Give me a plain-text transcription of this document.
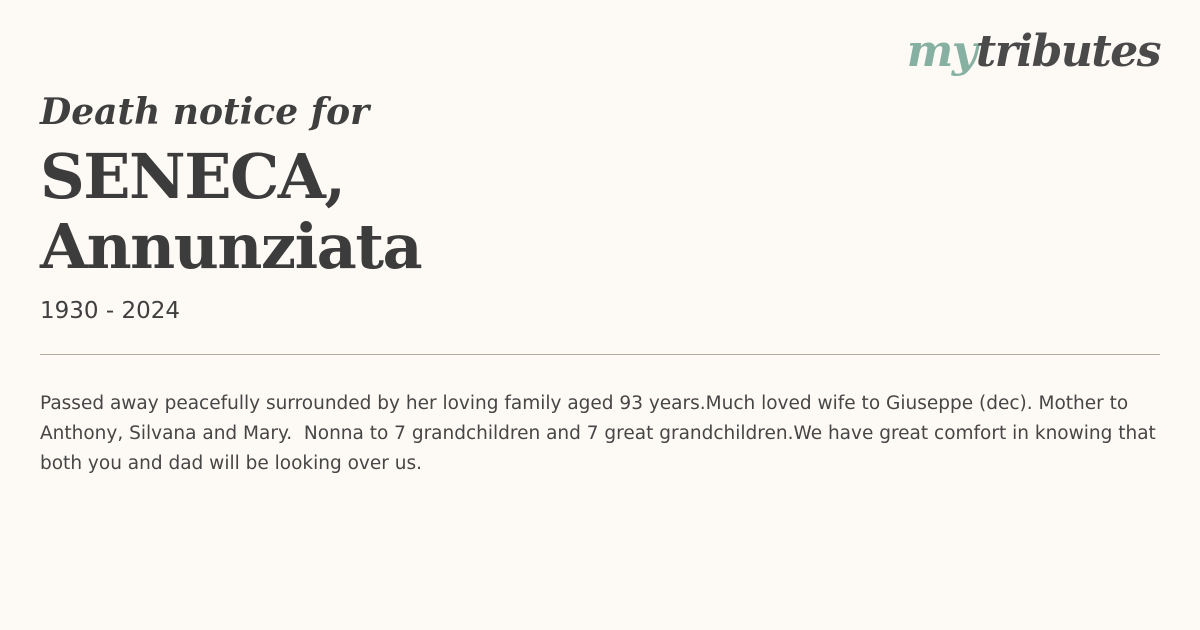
mytributes
Death notice for
SENECA,
Annunziata
1930 - 2024

Passed away peacefully surrounded by her loving family aged 93 years.Much loved wife to Giuseppe (dec). Mother to Anthony, Silvana and Mary.  Nonna to 7 grandchildren and 7 great grandchildren.We have great comfort in knowing that both you and dad will be looking over us.
